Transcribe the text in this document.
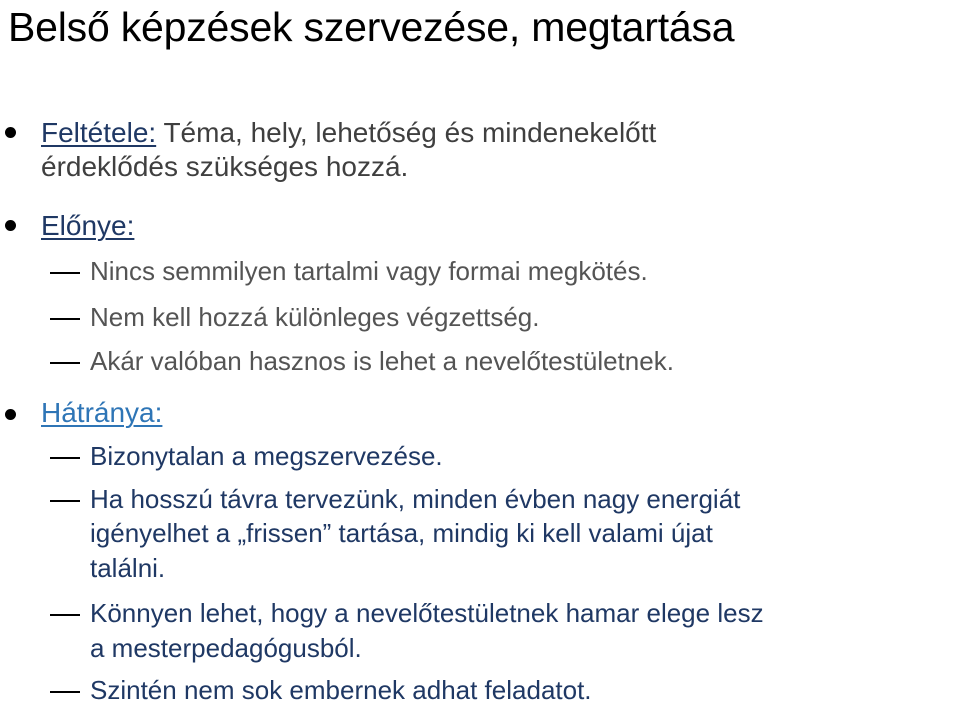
Belső képzések szervezése, megtartása
Feltétele: Téma, hely, lehetőség és mindenekelőtt
érdeklődés szükséges hozzá.
Előnye:
Nincs semmilyen tartalmi vagy formai megkötés.
Nem kell hozzá különleges végzettség.
Akár valóban hasznos is lehet a nevelőtestületnek.
Hátránya:
Bizonytalan a megszervezése.
Ha hosszú távra tervezünk, minden évben nagy energiát
igényelhet a „frissen” tartása, mindig ki kell valami újat
találni.
Könnyen lehet, hogy a nevelőtestületnek hamar elege lesz
a mesterpedagógusból.
Szintén nem sok embernek adhat feladatot.
